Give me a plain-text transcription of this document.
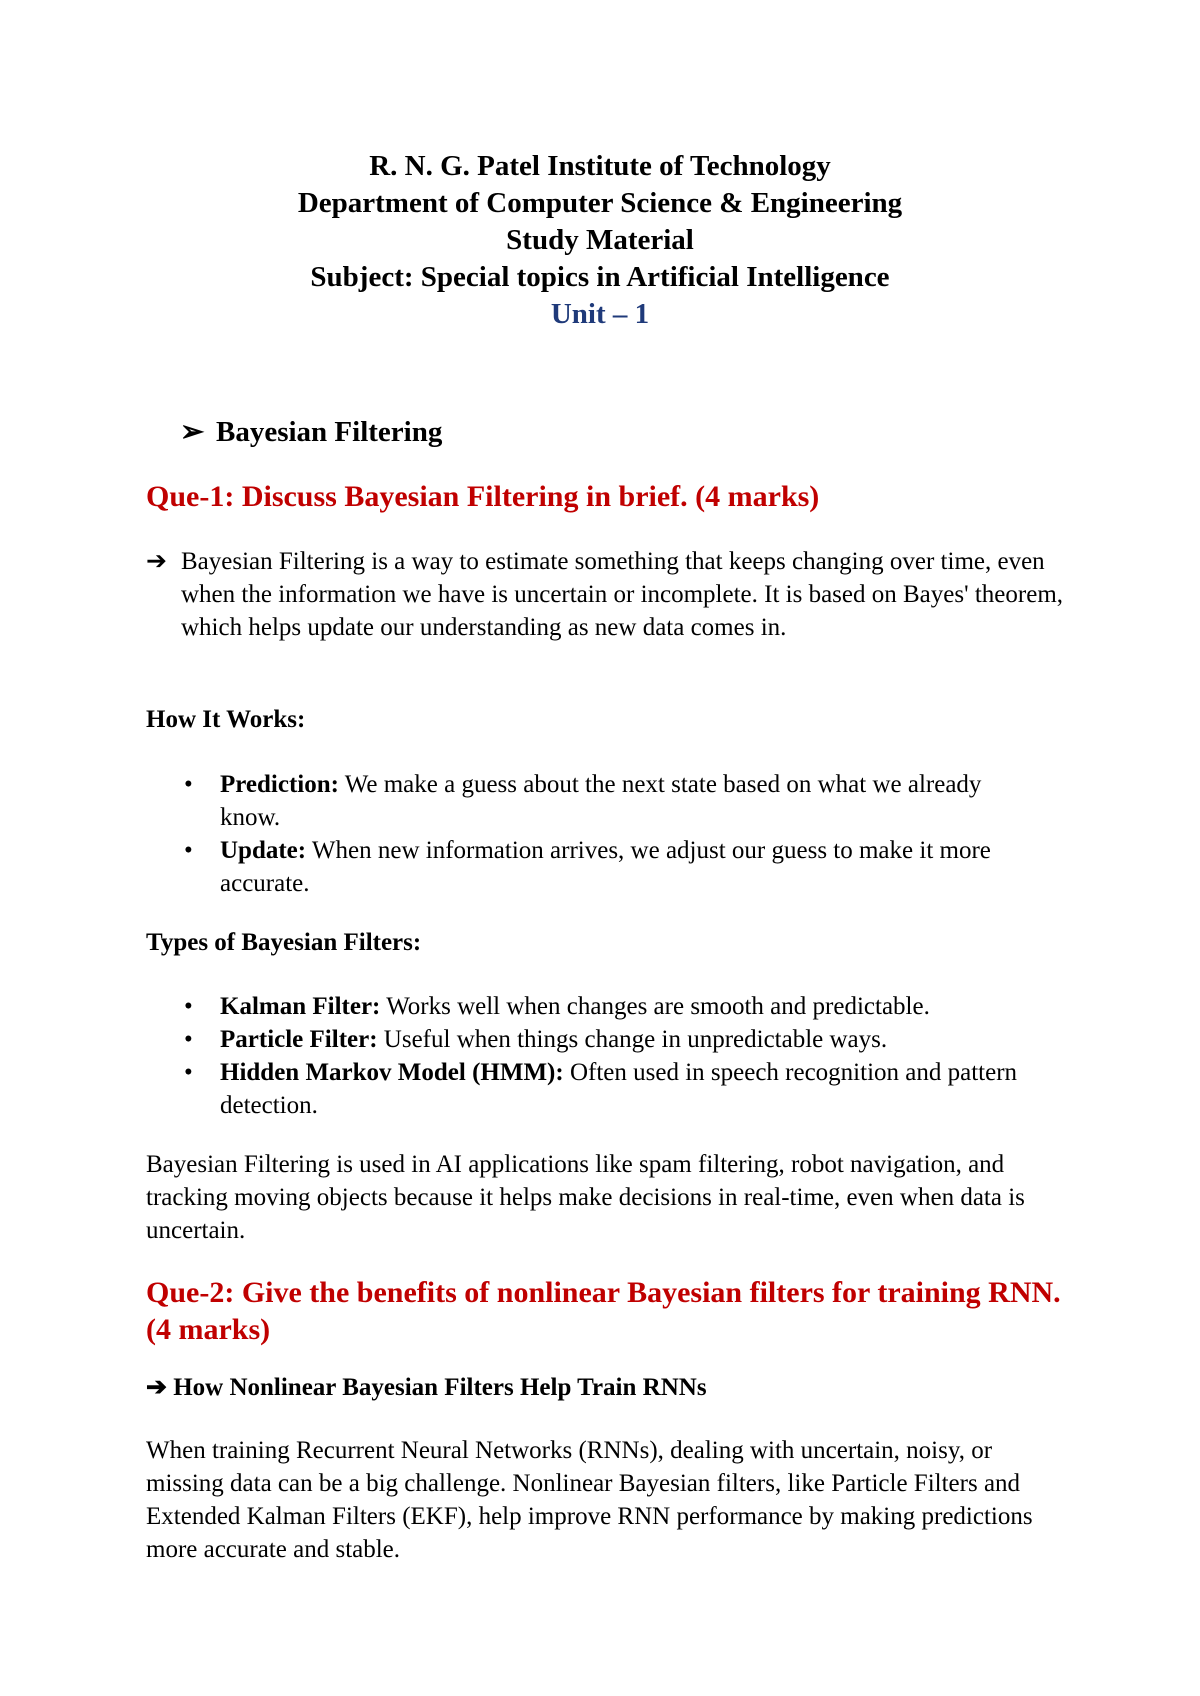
R. N. G. Patel Institute of Technology
Department of Computer Science & Engineering
Study Material
Subject: Special topics in Artificial Intelligence
Unit – 1
➢ Bayesian Filtering
Que-1: Discuss Bayesian Filtering in brief. (4 marks)
➔ Bayesian Filtering is a way to estimate something that keeps changing over time, even when the information we have is uncertain or incomplete. It is based on Bayes' theorem, which helps update our understanding as new data comes in.
How It Works:
• Prediction: We make a guess about the next state based on what we already know.
• Update: When new information arrives, we adjust our guess to make it more accurate.
Types of Bayesian Filters:
• Kalman Filter: Works well when changes are smooth and predictable.
• Particle Filter: Useful when things change in unpredictable ways.
• Hidden Markov Model (HMM): Often used in speech recognition and pattern detection.
Bayesian Filtering is used in AI applications like spam filtering, robot navigation, and tracking moving objects because it helps make decisions in real-time, even when data is uncertain.
Que-2: Give the benefits of nonlinear Bayesian filters for training RNN. (4 marks)
➔ How Nonlinear Bayesian Filters Help Train RNNs
When training Recurrent Neural Networks (RNNs), dealing with uncertain, noisy, or missing data can be a big challenge. Nonlinear Bayesian filters, like Particle Filters and Extended Kalman Filters (EKF), help improve RNN performance by making predictions more accurate and stable.
